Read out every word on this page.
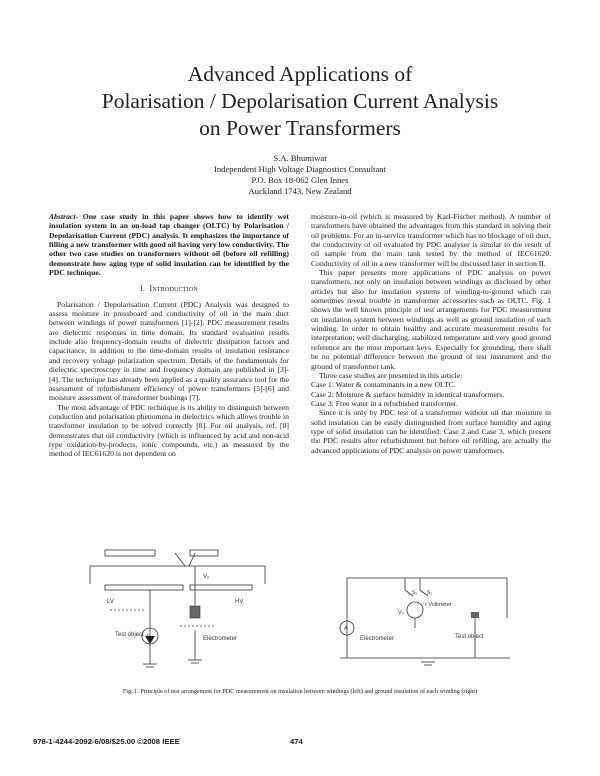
Advanced Applications of
Polarisation / Depolarisation Current Analysis
on Power Transformers
S.A. Bhumiwat
Independent High Voltage Diagnostics Consultant
P.O. Box 18-062 Glen Innes
Auckland 1743, New Zealand

Abstract- One case study in this paper shows how to identify wet insulation system in an on-load tap changer (OLTC) by Polarisation / Depolarisation Current (PDC) analysis. It emphasizes the importance of filling a new transformer with good oil having very low conductivity. The other two case studies on transformers without oil (before oil refilling) demonstrate how aging type of solid insulation can be identified by the PDC technique.

I. Introduction

Polarisation / Depolarisation Current (PDC) Analysis was designed to assess moisture in pressboard and conductivity of oil in the main duct between windings of power transformers [1]-[2]. PDC measurement results are dielectric responses in time domain. Its standard evaluation results include also frequency-domain results of dielectric dissipation factors and capacitance, in addition to the time-domain results of insulation resistance and recovery voltage polarization spectrum. Details of the fundamentals for dielectric spectroscopy in time and frequency domain are published in [3]-[4]. The technique has already been applied as a quality assurance tool for the assessment of refurbishment efficiency of power transformers [5]-[6] and moisture assessment of transformer bushings [7].

The most advantage of PDC technique is its ability to distinguish between conduction and polarisation phenomena in dielectrics which allows trouble in transformer insulation to be solved correctly [8]. For oil analysis, ref. [8] demonstrates that oil conductivity (which is influenced by acid and non-acid type oxidation-by-products, ionic compounds, etc.) as measured by the method of IEC61620 is not dependent on

moisture-in-oil (which is measured by Karl-Fischer method). A number of transformers have obtained the advantages from this standard in solving their oil problems. For an in-service transformer which has no blockage of oil duct, the conductivity of oil evaluated by PDC analyser is similar to the result of oil sample from the main tank tested by the method of IEC61620. Conductivity of oil in a new transformer will be discussed later in section II.

This paper presents more applications of PDC analysis on power transformers, not only on insulation between windings as disclosed by other articles but also for insulation systems of winding-to-ground which can sometimes reveal trouble in transformer accessories such as OLTC. Fig. 1 shows the well known principle of test arrangements for PDC measurement on insulation system between windings as well as ground insulation of each winding. In order to obtain healthy and accurate measurement results for interpretation; well discharging, stabilized temperature and very good ground reference are the most important keys. Especially for grounding, there shall be no potential difference between the ground of test instrument and the ground of transformer tank.

Three case studies are presented in this article:

Case 1: Water & contaminants in a new OLTC.

Case 2: Moisture & surface humidity in identical transformers.

Case 3: Free water in a refurbished transformer.

Since it is only by PDC test of a transformer without oil that moisture in solid insulation can be easily distinguished from surface humidity and aging type of solid insulation can be identified; Case 2 and Case 3, which present the PDC results after refurbishment but before oil refilling, are actually the advanced applications of PDC analysis on power transformers.

LV	HV
V₀
Test object
Electrometer
A
S₁ S₂
r Voltmeter
V₀
Electrometer	Test object
A
Fig. 1. Principle of test arrangement for PDC measurement on insulation between windings (left) and ground insulation of each winding (right)
978-1-4244-2092-6/08/$25.00 ©2008 IEEE	474
